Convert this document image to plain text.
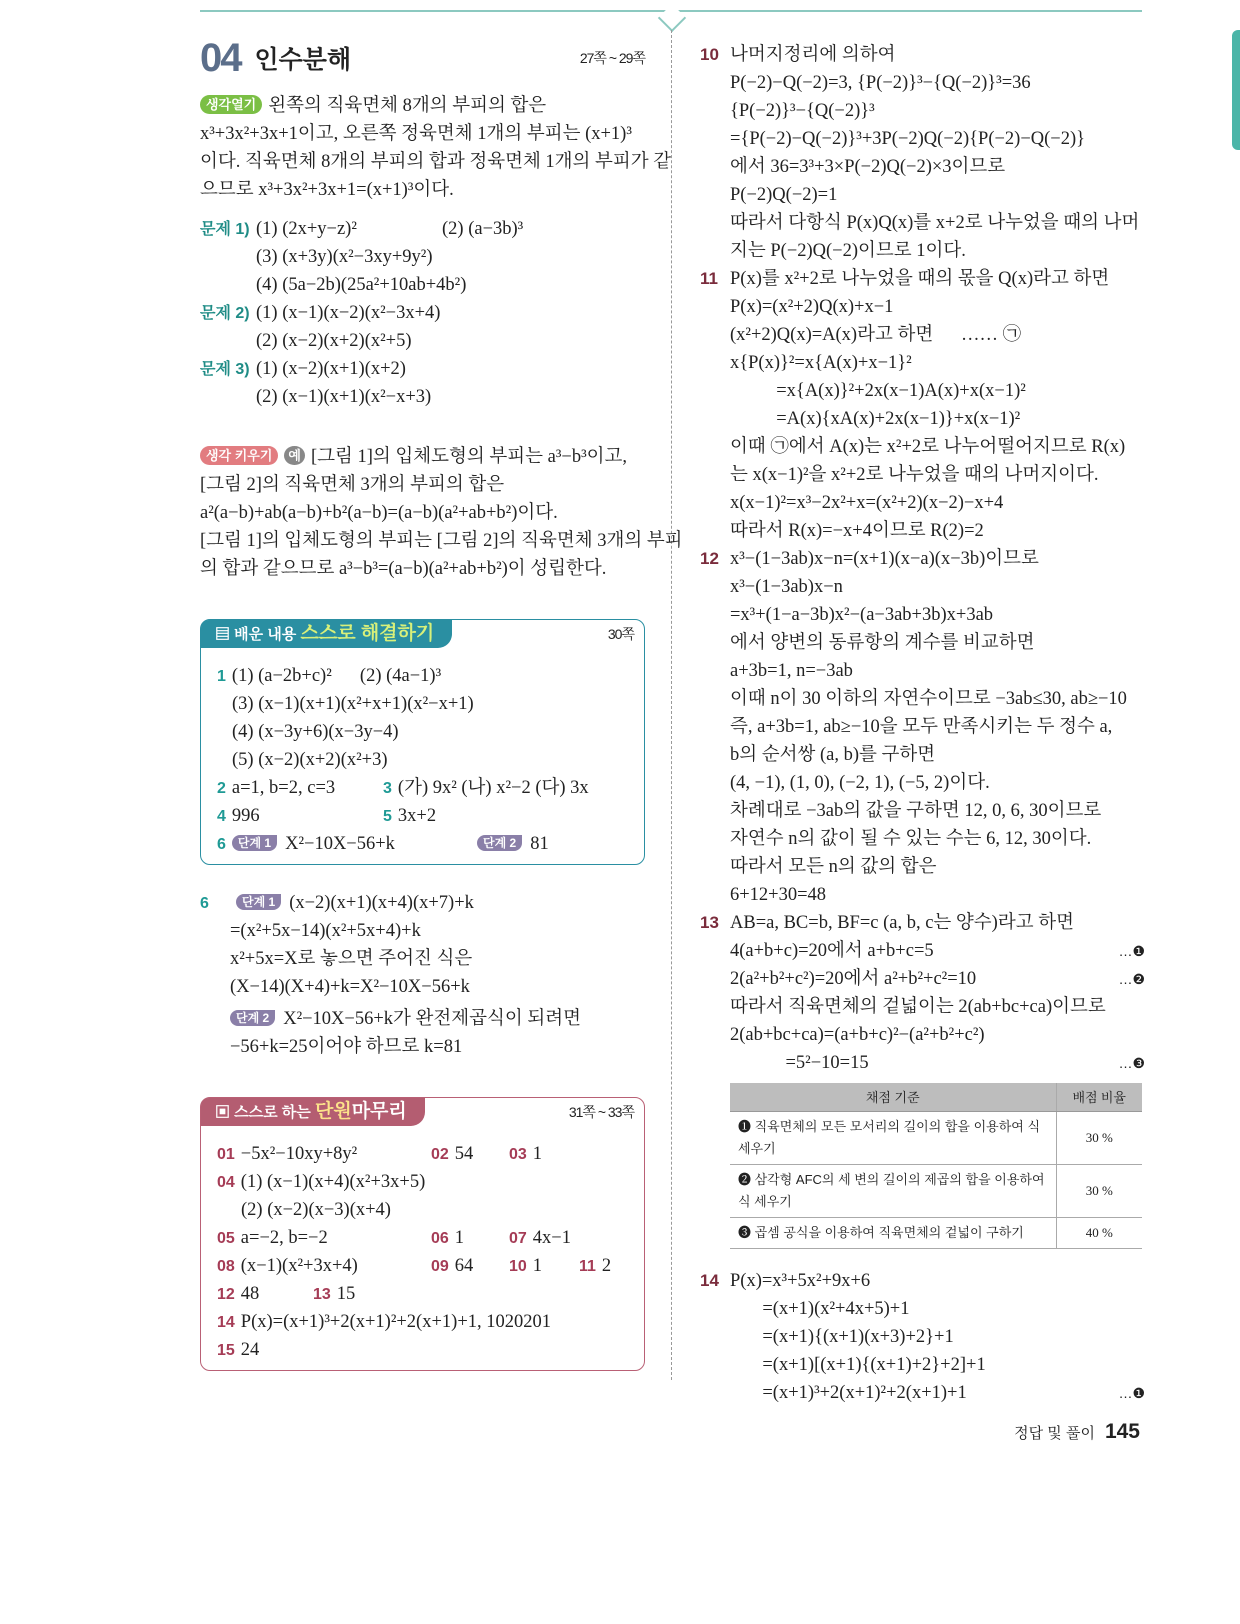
04 인수분해	27쪽 ~ 29쪽
생각열기 왼쪽의 직육면체 8개의 부피의 합은
x³+3x²+3x+1이고, 오른쪽 정육면체 1개의 부피는 (x+1)³
이다. 직육면체 8개의 부피의 합과 정육면체 1개의 부피가 같
으므로 x³+3x²+3x+1=(x+1)³이다.
문제 1) (1) (2x+y−z)²	(2) (a−3b)³
(3) (x+3y)(x²−3xy+9y²)
(4) (5a−2b)(25a²+10ab+4b²)
문제 2) (1) (x−1)(x−2)(x²−3x+4)
(2) (x−2)(x+2)(x²+5)
문제 3) (1) (x−2)(x+1)(x+2)
(2) (x−1)(x+1)(x²−x+3)
생각 키우기 예 [그림 1]의 입체도형의 부피는 a³−b³이고,
[그림 2]의 직육면체 3개의 부피의 합은
a²(a−b)+ab(a−b)+b²(a−b)=(a−b)(a²+ab+b²)이다.
[그림 1]의 입체도형의 부피는 [그림 2]의 직육면체 3개의 부피
의 합과 같으므로 a³−b³=(a−b)(a²+ab+b²)이 성립한다.
▤ 배운 내용 스스로 해결하기	30쪽
1 (1) (a−2b+c)² (2) (4a−1)³
(3) (x−1)(x+1)(x²+x+1)(x²−x+1)
(4) (x−3y+6)(x−3y−4)
(5) (x−2)(x+2)(x²+3)
2 a=1, b=2, c=3	3 (가) 9x² (나) x²−2 (다) 3x
4 996	5 3x+2
6 단계 1 X²−10X−56+k	단계 2 81
6	단계 1 (x−2)(x+1)(x+4)(x+7)+k
=(x²+5x−14)(x²+5x+4)+k
x²+5x=X로 놓으면 주어진 식은
(X−14)(X+4)+k=X²−10X−56+k
단계 2 X²−10X−56+k가 완전제곱식이 되려면
−56+k=25이어야 하므로 k=81
▣ 스스로 하는 단원마무리	31쪽 ~ 33쪽
01 −5x²−10xy+8y²	02 54 03 1
04 (1) (x−1)(x+4)(x²+3x+5)
(2) (x−2)(x−3)(x+4)
05 a=−2, b=−2	06 1	07 4x−1
08 (x−1)(x²+3x+4)	09 64 10 1 11 2
12 48	13 15
14 P(x)=(x+1)³+2(x+1)²+2(x+1)+1, 1020201
15 24
10 나머지정리에 의하여
P(−2)−Q(−2)=3, {P(−2)}³−{Q(−2)}³=36
{P(−2)}³−{Q(−2)}³
={P(−2)−Q(−2)}³+3P(−2)Q(−2){P(−2)−Q(−2)}
에서 36=3³+3×P(−2)Q(−2)×3이므로
P(−2)Q(−2)=1
따라서 다항식 P(x)Q(x)를 x+2로 나누었을 때의 나머
지는 P(−2)Q(−2)이므로 1이다.
11 P(x)를 x²+2로 나누었을 때의 몫을 Q(x)라고 하면
P(x)=(x²+2)Q(x)+x−1
(x²+2)Q(x)=A(x)라고 하면      …… ㉠
x{P(x)}²=x{A(x)+x−1}²
=x{A(x)}²+2x(x−1)A(x)+x(x−1)²
=A(x){xA(x)+2x(x−1)}+x(x−1)²
이때 ㉠에서 A(x)는 x²+2로 나누어떨어지므로 R(x)
는 x(x−1)²을 x²+2로 나누었을 때의 나머지이다.
x(x−1)²=x³−2x²+x=(x²+2)(x−2)−x+4
따라서 R(x)=−x+4이므로 R(2)=2
12 x³−(1−3ab)x−n=(x+1)(x−a)(x−3b)이므로
x³−(1−3ab)x−n
=x³+(1−a−3b)x²−(a−3ab+3b)x+3ab
에서 양변의 동류항의 계수를 비교하면
a+3b=1, n=−3ab
이때 n이 30 이하의 자연수이므로 −3ab≤30, ab≥−10
즉, a+3b=1, ab≥−10을 모두 만족시키는 두 정수 a,
b의 순서쌍 (a, b)를 구하면
(4, −1), (1, 0), (−2, 1), (−5, 2)이다.
차례대로 −3ab의 값을 구하면 12, 0, 6, 30이므로
자연수 n의 값이 될 수 있는 수는 6, 12, 30이다.
따라서 모든 n의 값의 합은
6+12+30=48
13 AB=a, BC=b, BF=c (a, b, c는 양수)라고 하면
4(a+b+c)=20에서 a+b+c=5	…❶
2(a²+b²+c²)=20에서 a²+b²+c²=10	…❷
따라서 직육면체의 겉넓이는 2(ab+bc+ca)이므로
2(ab+bc+ca)=(a+b+c)²−(a²+b²+c²)
=5²−10=15	…❸
채점 기준	배점 비율
❶ 직육면체의 모든 모서리의 길이의 합을 이용하여 식 세우기	30 %
❷ 삼각형 AFC의 세 변의 길이의 제곱의 합을 이용하여 식 세우기	30 %
❸ 곱셈 공식을 이용하여 직육면체의 겉넓이 구하기	40 %
14 P(x)=x³+5x²+9x+6
=(x+1)(x²+4x+5)+1
=(x+1){(x+1)(x+3)+2}+1
=(x+1)[(x+1){(x+1)+2}+2]+1
=(x+1)³+2(x+1)²+2(x+1)+1	…❶
정답 및 풀이 145
